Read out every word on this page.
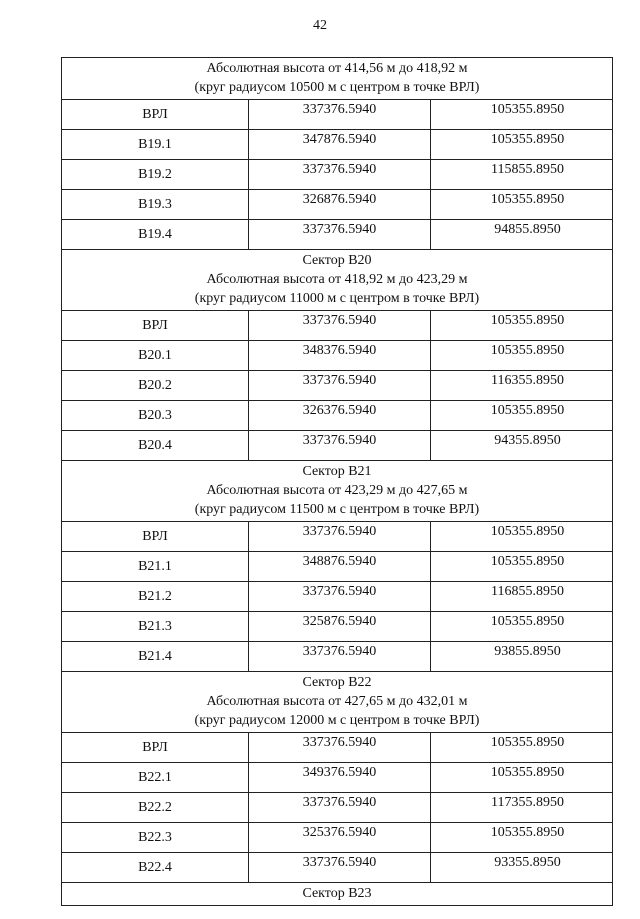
42
Абсолютная высота от 414,56 м до 418,92 м
(круг радиусом 10500 м с центром в точке ВРЛ)		

ВРЛ	337376.5940	105355.8950
B19.1	347876.5940	105355.8950
B19.2	337376.5940	115855.8950
B19.3	326876.5940	105355.8950
B19.4	337376.5940	94855.8950

Сектор В20
Абсолютная высота от 418,92 м до 423,29 м
(круг радиусом 11000 м с центром в точке ВРЛ)		

ВРЛ	337376.5940	105355.8950
B20.1	348376.5940	105355.8950
B20.2	337376.5940	116355.8950
B20.3	326376.5940	105355.8950
B20.4	337376.5940	94355.8950

Сектор В21
Абсолютная высота от 423,29 м до 427,65 м
(круг радиусом 11500 м с центром в точке ВРЛ)		

ВРЛ	337376.5940	105355.8950
B21.1	348876.5940	105355.8950
B21.2	337376.5940	116855.8950
B21.3	325876.5940	105355.8950
B21.4	337376.5940	93855.8950

Сектор В22
Абсолютная высота от 427,65 м до 432,01 м
(круг радиусом 12000 м с центром в точке ВРЛ)		

ВРЛ	337376.5940	105355.8950
B22.1	349376.5940	105355.8950
B22.2	337376.5940	117355.8950
B22.3	325376.5940	105355.8950
B22.4	337376.5940	93355.8950

Сектор В23		
